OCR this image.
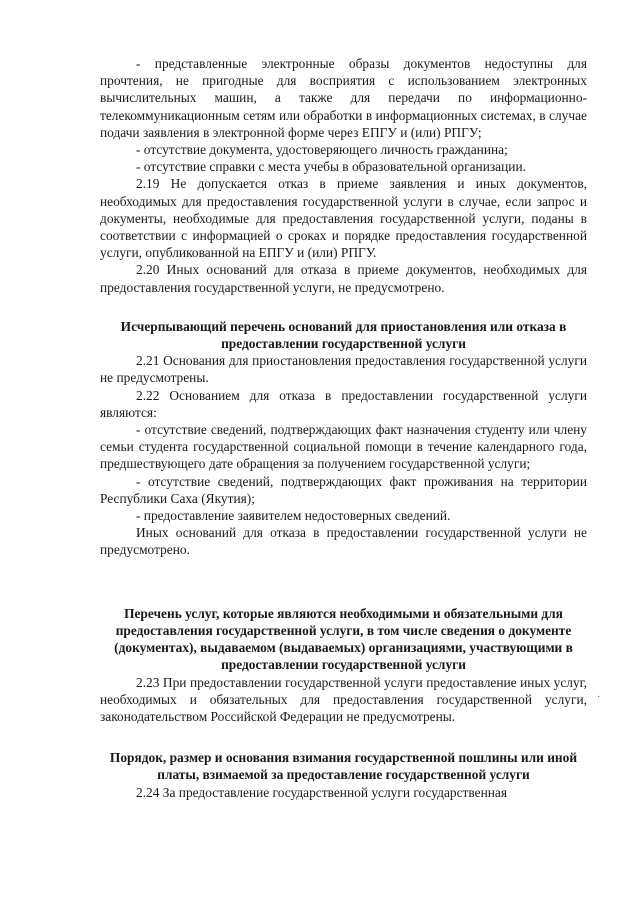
- представленные электронные образы документов недоступны для прочтения, не пригодные для восприятия с использованием электронных вычислительных машин, а также для передачи по информационно-телекоммуникационным сетям или обработки в информационных системах, в случае подачи заявления в электронной форме через ЕПГУ и (или) РПГУ;

- отсутствие документа, удостоверяющего личность гражданина;

- отсутствие справки с места учебы в образовательной организации.

2.19 Не допускается отказ в приеме заявления и иных документов, необходимых для предоставления государственной услуги в случае, если запрос и документы, необходимые для предоставления государственной услуги, поданы в соответствии с информацией о сроках и порядке предоставления государственной услуги, опубликованной на ЕПГУ и (или) РПГУ.

2.20 Иных оснований для отказа в приеме документов, необходимых для предоставления государственной услуги, не предусмотрено.

Исчерпывающий перечень оснований для приостановления или отказа в предоставлении государственной услуги

2.21 Основания для приостановления предоставления государственной услуги не предусмотрены.

2.22 Основанием для отказа в предоставлении государственной услуги являются:

- отсутствие сведений, подтверждающих факт назначения студенту или члену семьи студента государственной социальной помощи в течение календарного года, предшествующего дате обращения за получением государственной услуги;

- отсутствие сведений, подтверждающих факт проживания на территории Республики Саха (Якутия);

- предоставление заявителем недостоверных сведений.

Иных оснований для отказа в предоставлении государственной услуги не предусмотрено.

Перечень услуг, которые являются необходимыми и обязательными для предоставления государственной услуги, в том числе сведения о документе (документах), выдаваемом (выдаваемых) организациями, участвующими в предоставлении государственной услуги

2.23 При предоставлении государственной услуги предоставление иных услуг, необходимых и обязательных для предоставления государственной услуги, законодательством Российской Федерации не предусмотрены.

Порядок, размер и основания взимания государственной пошлины или иной платы, взимаемой за предоставление государственной услуги

2.24 За предоставление государственной услуги государственная

·
